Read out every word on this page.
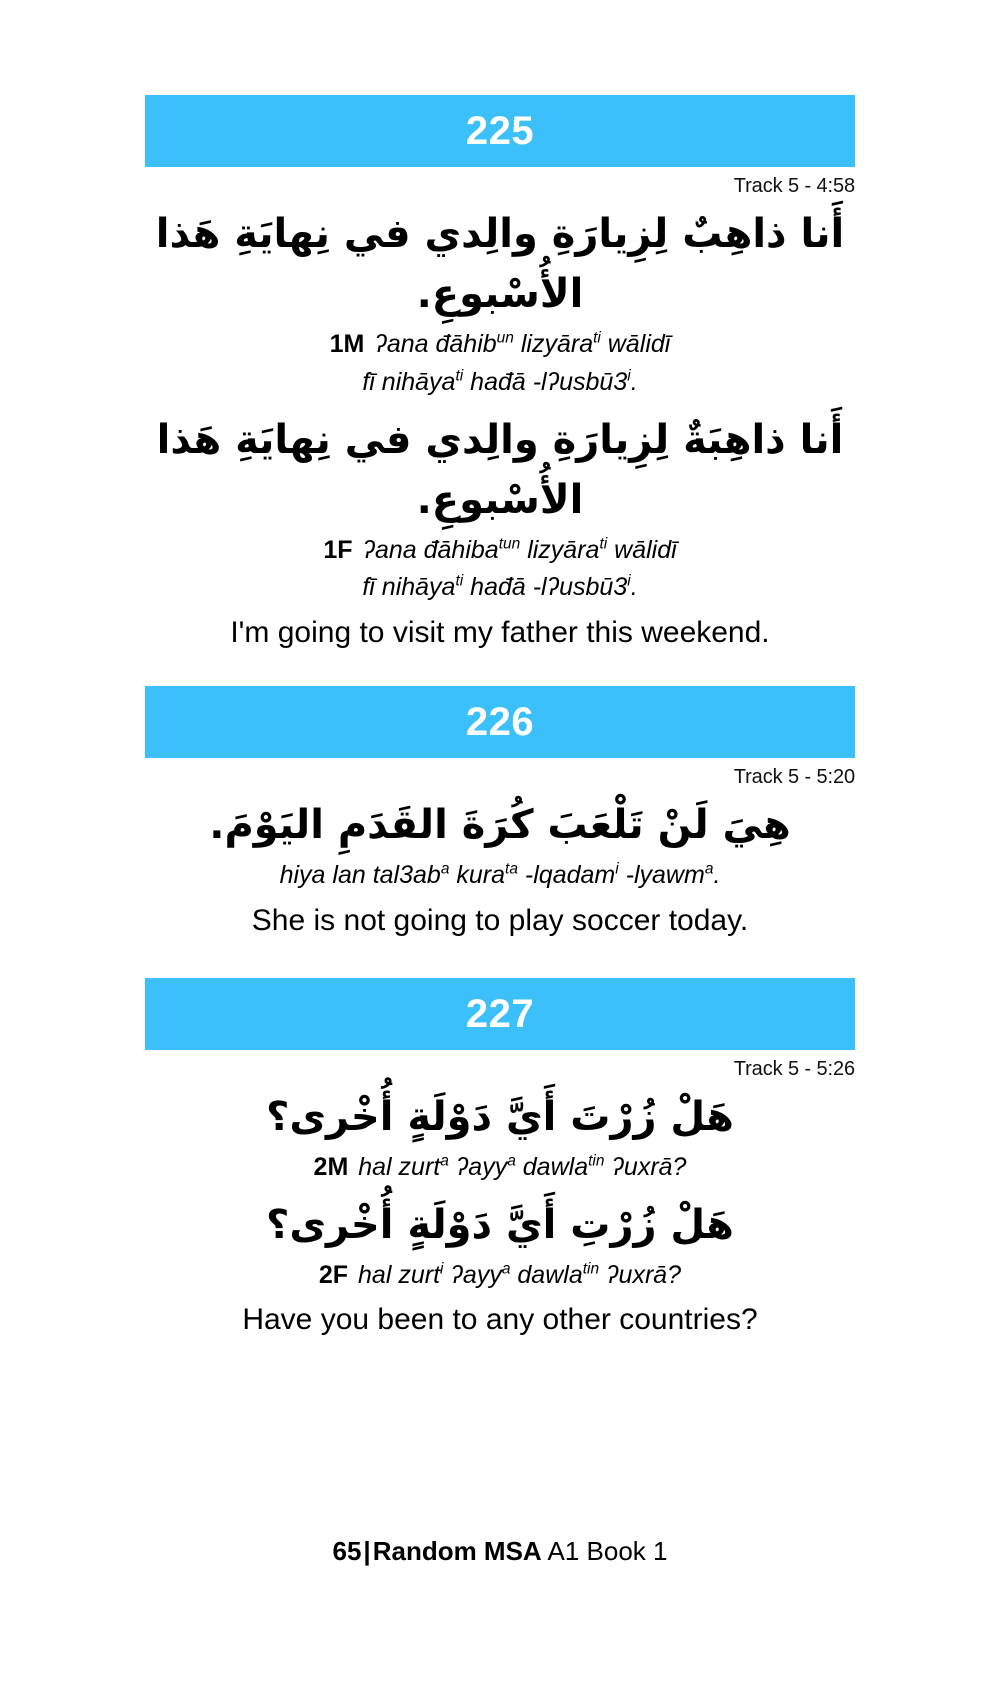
225
Track 5 - 4:58
أَنا ذاهِبٌ لِزِيارَةِ والِدي في نِهايَةِ هَذا الأُسْبوعِ.
1M ʔana đāhib$^{un}$ lizyāra$^{ti}$ wālidī
fī nihāya$^{ti}$ hađā -lʔusbū3$^i$.
أَنا ذاهِبَةٌ لِزِيارَةِ والِدي في نِهايَةِ هَذا الأُسْبوعِ.
1F ʔana đāhiba$^{tun}$ lizyāra$^{ti}$ wālidī
fī nihāya$^{ti}$ hađā -lʔusbū3$^i$.
I'm going to visit my father this weekend.
226
Track 5 - 5:20
هِيَ لَنْ تَلْعَبَ كُرَةَ القَدَمِ اليَوْمَ.
hiya lan $tal3ab^a$ kura$^{ta}$ -lqadam$^i$ -lyawm$^a$.
She is not going to play soccer today.
227
Track 5 - 5:26
هَلْ زُرْتَ أَيَّ دَوْلَةٍ أُخْرى؟
2M hal zurt$^a$ ʔayy$^a$ dawla$^{tin}$ ʔuxrā?
هَلْ زُرْتِ أَيَّ دَوْلَةٍ أُخْرى؟
2F hal zurt$^i$ ʔayy$^a$ dawla$^{tin}$ ʔuxrā?
Have you been to any other countries?
65|Random MSA A1 Book 1
